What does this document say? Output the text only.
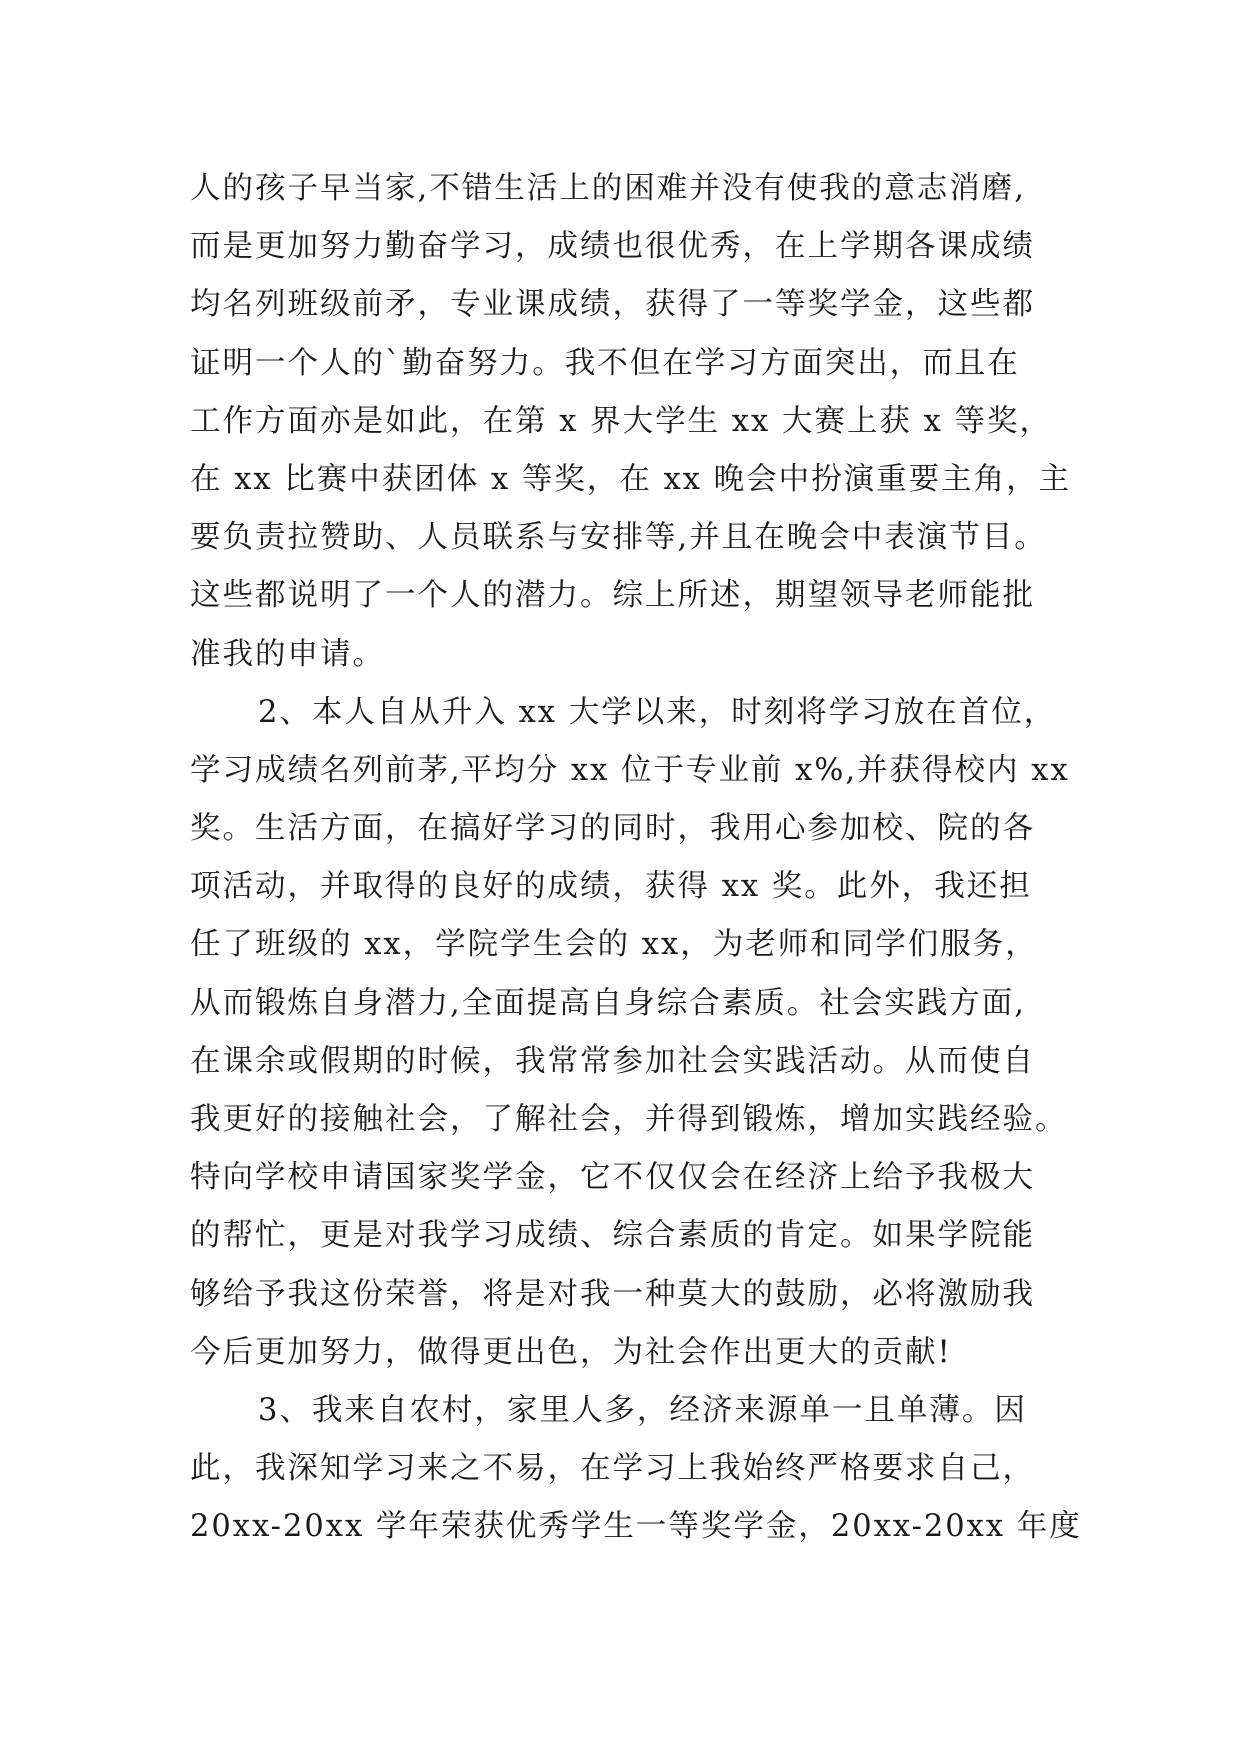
人的孩子早当家,不错生活上的困难并没有使我的意志消磨,
而是更加努力勤奋学习，成绩也很优秀，在上学期各课成绩
均名列班级前矛，专业课成绩，获得了一等奖学金，这些都
证明一个人的`勤奋努力。我不但在学习方面突出，而且在
工作方面亦是如此，在第 x 界大学生 xx 大赛上获 x 等奖，
在 xx 比赛中获团体 x 等奖，在 xx 晚会中扮演重要主角，主
要负责拉赞助、人员联系与安排等,并且在晚会中表演节目。
这些都说明了一个人的潜力。综上所述，期望领导老师能批
准我的申请。
2、本人自从升入 xx 大学以来，时刻将学习放在首位，
学习成绩名列前茅,平均分 xx 位于专业前 x%,并获得校内 xx
奖。生活方面，在搞好学习的同时，我用心参加校、院的各
项活动，并取得的良好的成绩，获得 xx 奖。此外，我还担
任了班级的 xx，学院学生会的 xx，为老师和同学们服务，
从而锻炼自身潜力,全面提高自身综合素质。社会实践方面,
在课余或假期的时候，我常常参加社会实践活动。从而使自
我更好的接触社会，了解社会，并得到锻炼，增加实践经验。
特向学校申请国家奖学金，它不仅仅会在经济上给予我极大
的帮忙，更是对我学习成绩、综合素质的肯定。如果学院能
够给予我这份荣誉，将是对我一种莫大的鼓励，必将激励我
今后更加努力，做得更出色，为社会作出更大的贡献!
3、我来自农村，家里人多，经济来源单一且单薄。因
此，我深知学习来之不易，在学习上我始终严格要求自己，
20xx-20xx 学年荣获优秀学生一等奖学金，20xx-20xx 年度
